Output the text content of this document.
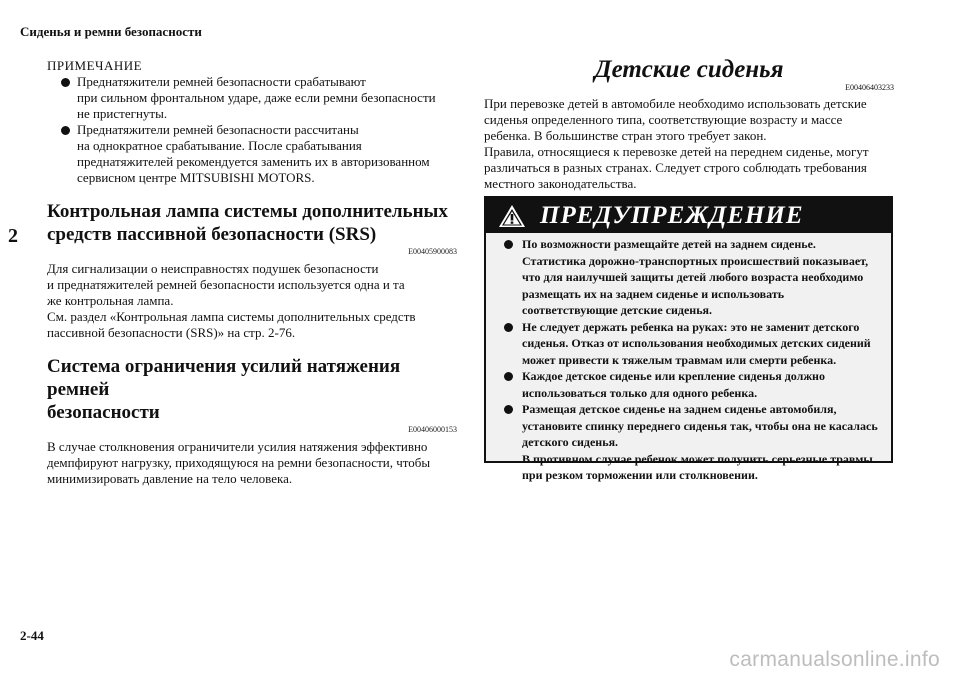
Сиденья и ремни безопасности
2
ПРИМЕЧАНИЕ
Преднатяжители ремней безопасности срабатывают
при сильном фронтальном ударе, даже если ремни безопасности
не пристегнуты.
Преднатяжители ремней безопасности рассчитаны
на однократное срабатывание. После срабатывания
преднатяжителей рекомендуется заменить их в авторизованном
сервисном центре MITSUBISHI MOTORS.
Контрольная лампа системы дополнительных
средств пассивной безопасности (SRS)
E00405900083
Для сигнализации о неисправностях подушек безопасности
и преднатяжителей ремней безопасности используется одна и та
же контрольная лампа.
См. раздел «Контрольная лампа системы дополнительных средств
пассивной безопасности (SRS)» на стр. 2-76.
Система ограничения усилий натяжения ремней
безопасности
E00406000153
В случае столкновения ограничители усилия натяжения эффективно
демпфируют нагрузку, приходящуюся на ремни безопасности, чтобы
минимизировать давление на тело человека.
Детские сиденья
E00406403233
При перевозке детей в автомобиле необходимо использовать детские
сиденья определенного типа, соответствующие возрасту и массе
ребенка. В большинстве стран этого требует закон.
Правила, относящиеся к перевозке детей на переднем сиденье, могут
различаться в разных странах. Следует строго соблюдать требования
местного законодательства.
ПРЕДУПРЕЖДЕНИЕ
По возможности размещайте детей на заднем сиденье.
Статистика дорожно-транспортных происшествий показывает,
что для наилучшей защиты детей любого возраста необходимо
размещать их на заднем сиденье и использовать
соответствующие детские сиденья.
Не следует держать ребенка на руках: это не заменит детского
сиденья. Отказ от использования необходимых детских сидений
может привести к тяжелым травмам или смерти ребенка.
Каждое детское сиденье или крепление сиденья должно
использоваться только для одного ребенка.
Размещая детское сиденье на заднем сиденье автомобиля,
установите спинку переднего сиденья так, чтобы она не касалась
детского сиденья.
В противном случае ребенок может получить серьезные травмы
при резком торможении или столкновении.
2-44
carmanualsonline.info
